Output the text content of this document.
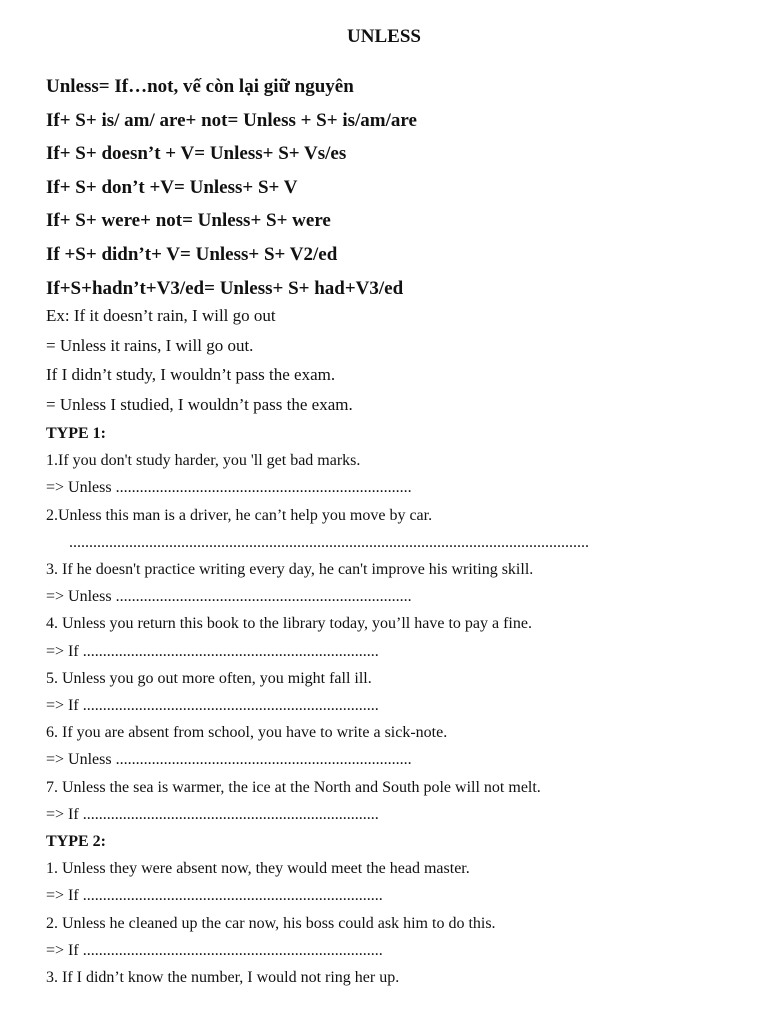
UNLESS
Unless= If…not, vế còn lại giữ nguyên
If+ S+ is/ am/ are+ not= Unless + S+ is/am/are
If+ S+ doesn’t + V= Unless+ S+ Vs/es
If+ S+ don’t +V= Unless+ S+ V
If+ S+ were+ not= Unless+ S+ were
If +S+ didn’t+ V= Unless+ S+ V2/ed
If+S+hadn’t+V3/ed= Unless+ S+ had+V3/ed
Ex: If it doesn’t rain, I will go out
= Unless it rains, I will go out.
If I didn’t study, I wouldn’t pass the exam.
= Unless I studied, I wouldn’t pass the exam.
TYPE 1:
1.If you don't study harder, you 'll get bad marks.
=> Unless ..........................................................................
2.Unless this man is a driver, he can’t help you move by car.
..................................................................................................................................
3. If he doesn't practice writing every day, he can't improve his writing skill.
=> Unless ..........................................................................
4. Unless you return this book to the library today, you’ll have to pay a fine.
=> If ..........................................................................
5. Unless you go out more often, you might fall ill.
=> If ..........................................................................
6. If you are absent from school, you have to write a sick-note.
=> Unless ..........................................................................
7. Unless the sea is warmer, the ice at the North and South pole will not melt.
=> If ..........................................................................
TYPE 2:
1. Unless they were absent now, they would meet the head master.
=> If ...........................................................................
2. Unless he cleaned up the car now, his boss could ask him to do this.
=> If ...........................................................................
3. If I didn’t know the number, I would not ring her up.
